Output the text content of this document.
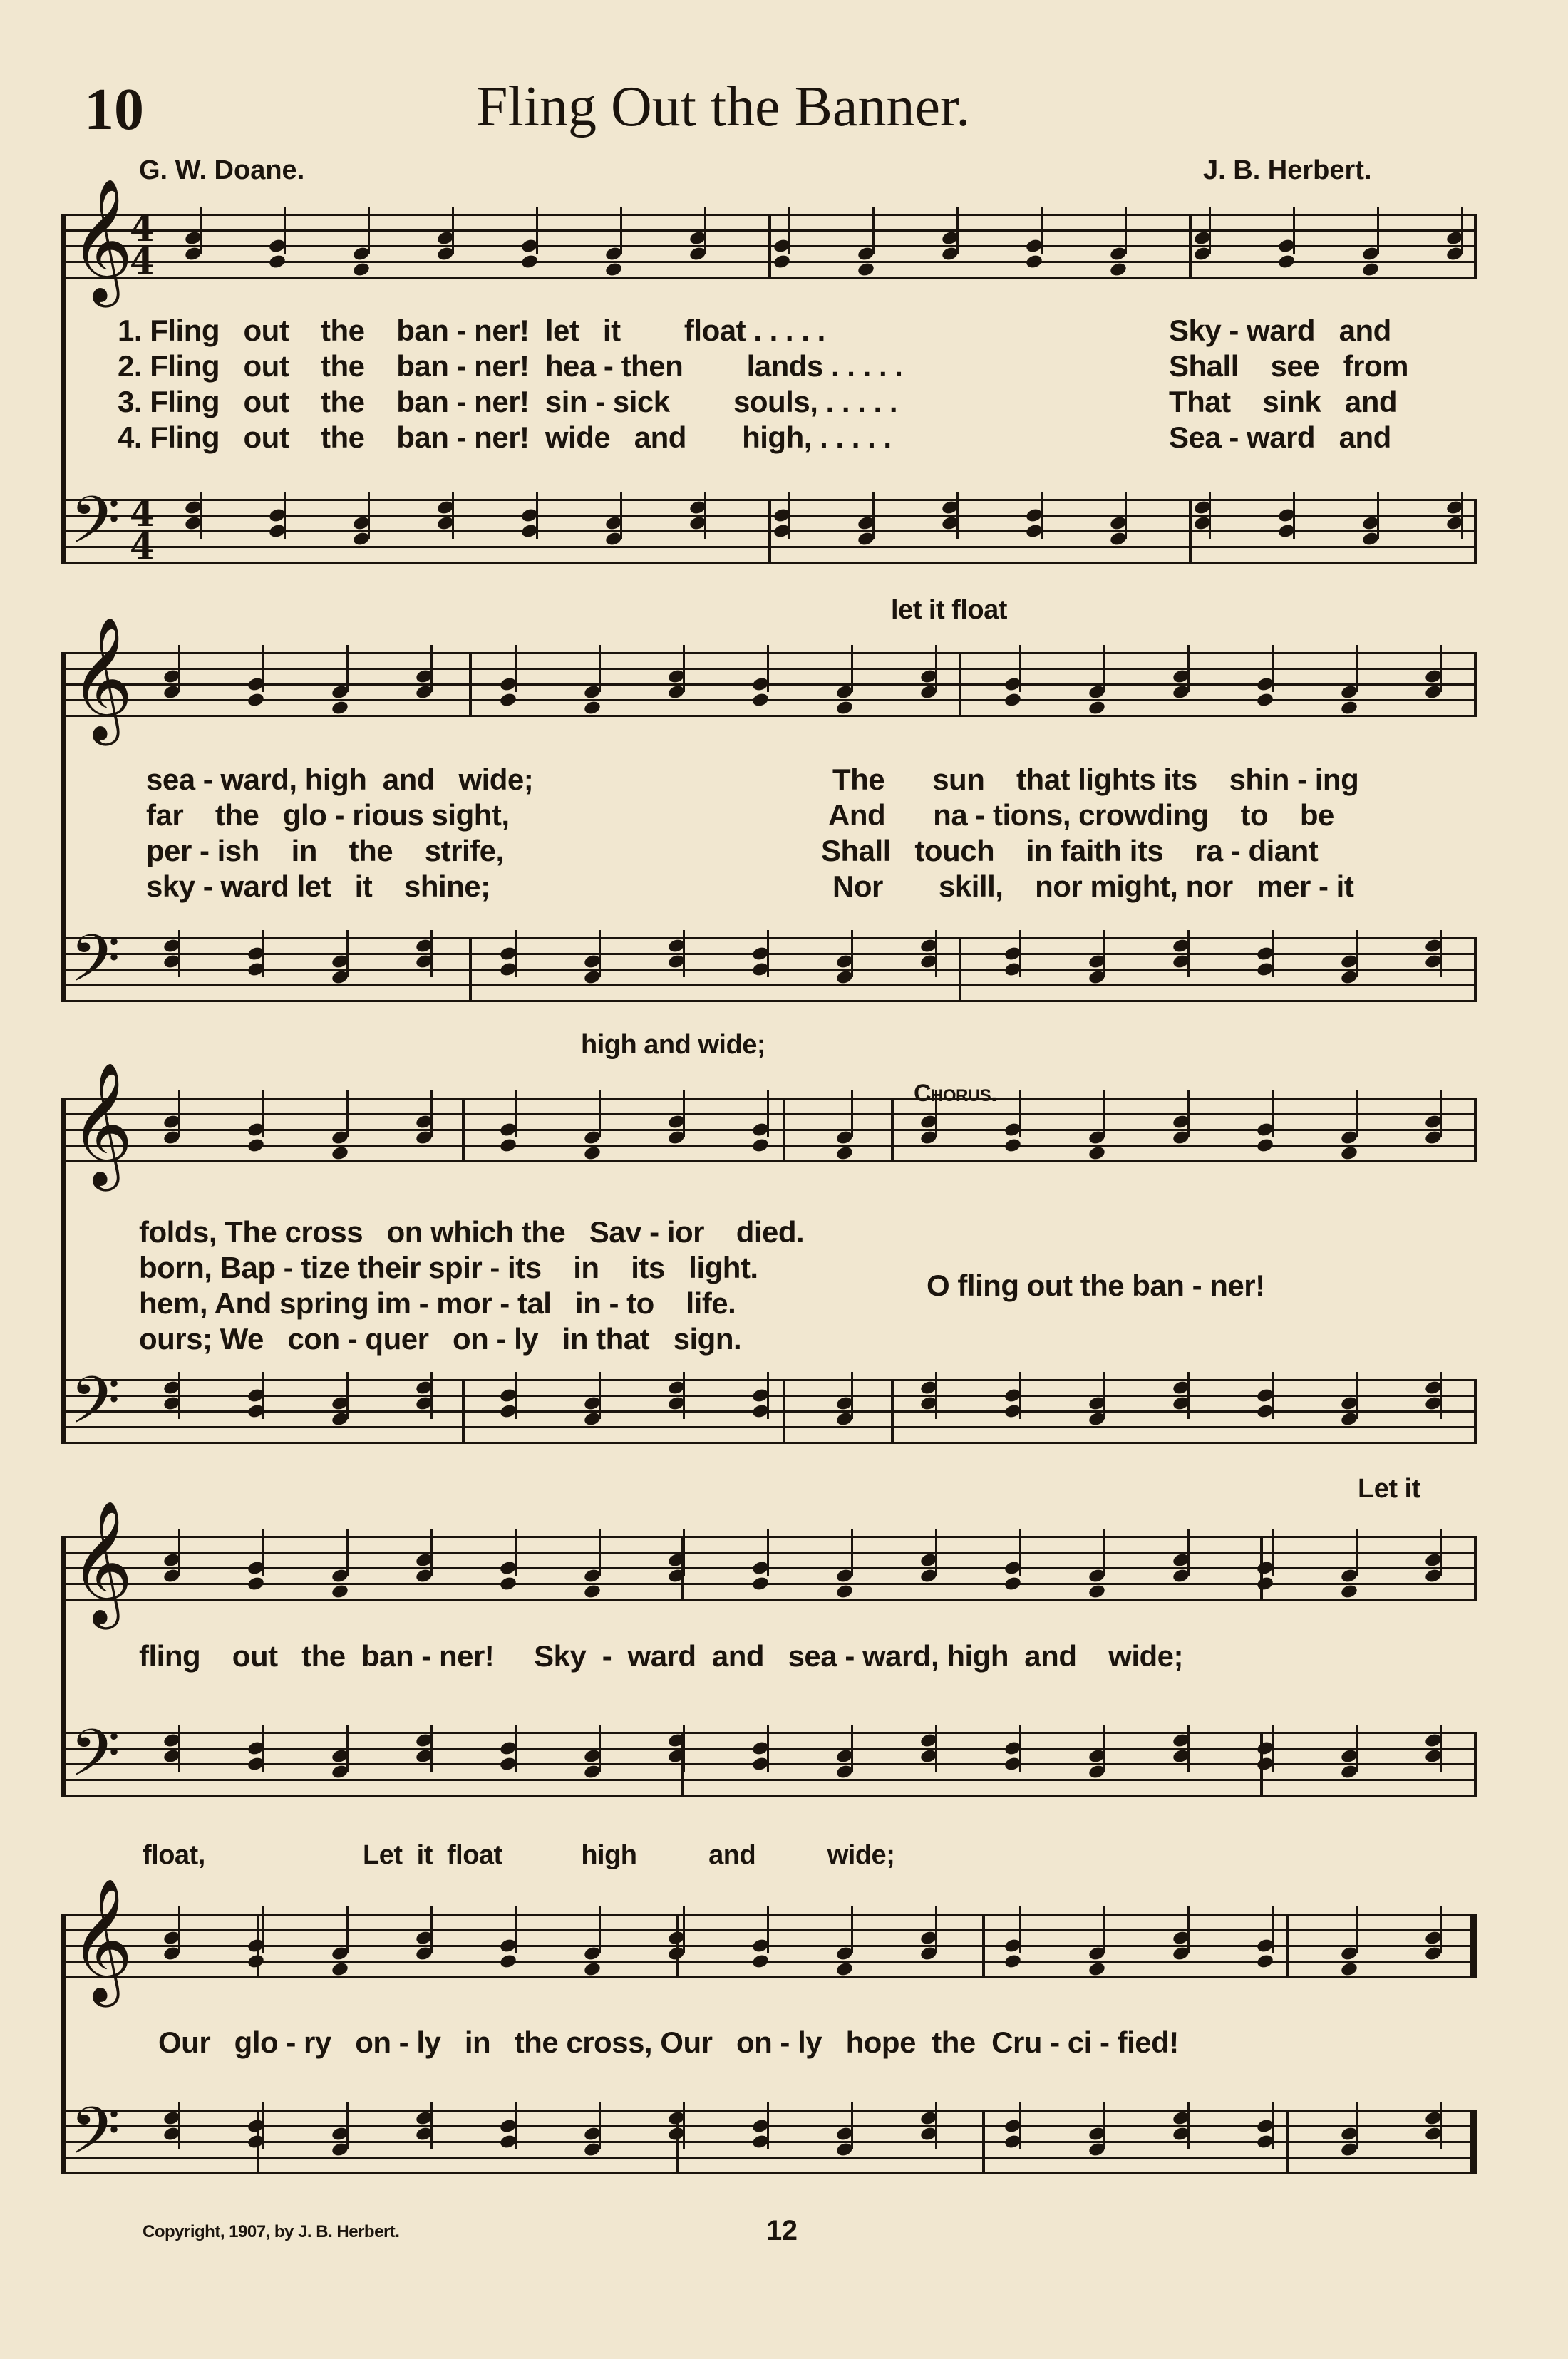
10	Fling Out the Banner.
G. W. Doane.	J. B. Herbert.
𝄞
4
4
𝄢 4
4
𝄞
𝄢
𝄞
𝄢
𝄞
𝄢
𝄞
𝄢
1. Fling out the ban - ner! let it float . . . . .	Sky - ward and
2. Fling out the ban - ner! hea - then lands . . . . .	Shall see from
3. Fling out the ban - ner! sin - sick souls, . . . . .	That sink and
4. Fling out the ban - ner! wide and high, . . . . .	Sea - ward and
let it float
sea - ward, high and wide;	The sun that lights its shin - ing
far the glo - rious sight,	And na - tions, crowding to be
per - ish in the strife,	Shall touch in faith its ra - diant
sky - ward let it shine;	Nor skill, nor might, nor mer - it
high and wide;
Chorus.
folds, The cross on which the Sav - ior died.
born, Bap - tize their spir - its in its light.
hem, And spring im - mor - tal in - to life.
ours; We con - quer on - ly in that sign.
O fling out the ban - ner!
Let it
fling    out   the  ban - ner!     Sky  -  ward  and   sea - ward, high  and    wide;
float,                      Let  it  float           high          and          wide;
Our   glo - ry   on - ly   in   the cross, Our   on - ly   hope  the  Cru - ci - fied!
Copyright, 1907, by J. B. Herbert.	12
